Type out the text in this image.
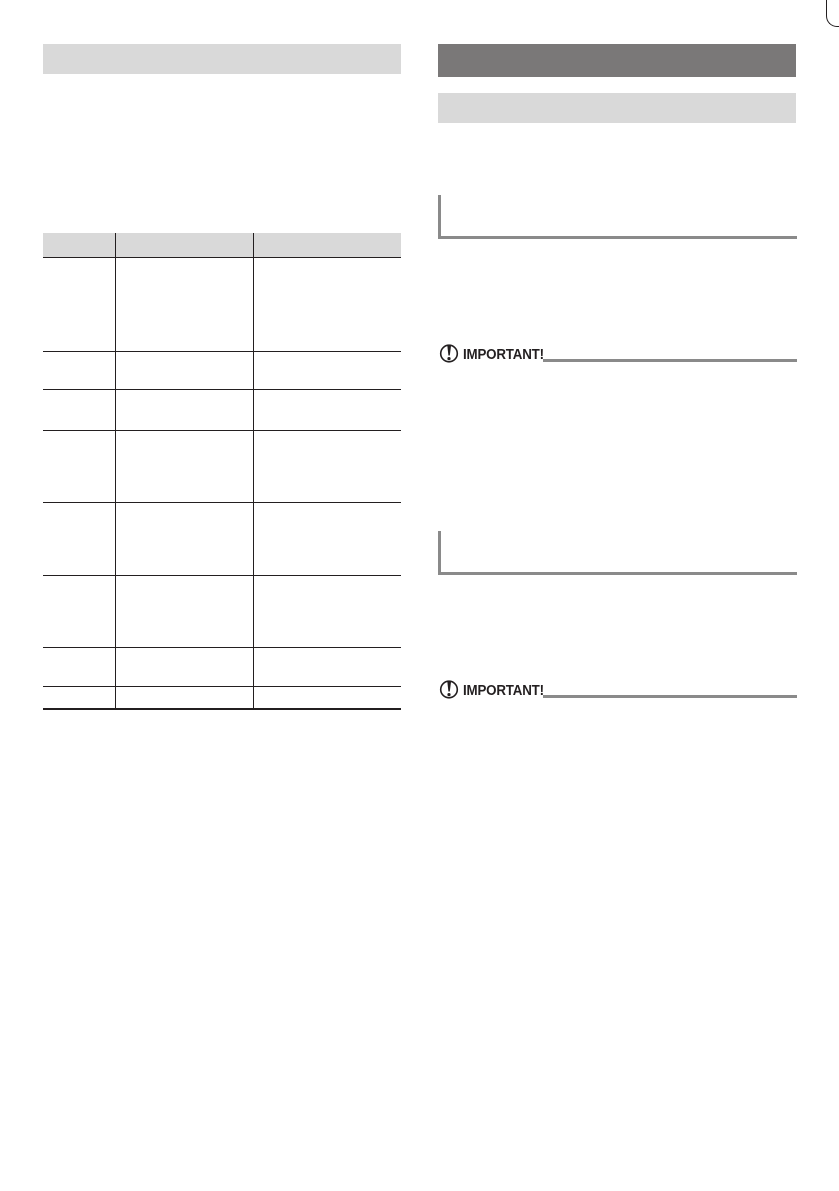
IMPORTANT!
IMPORTANT!
